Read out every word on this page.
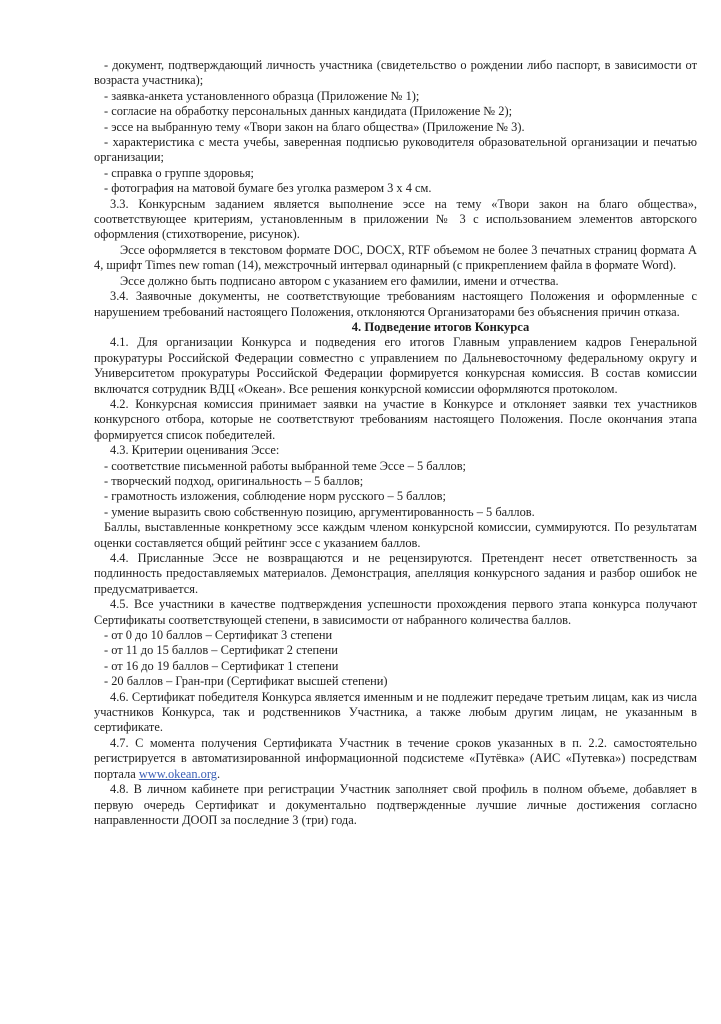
- документ, подтверждающий личность участника (свидетельство о рождении либо паспорт, в зависимости от возраста участника);

- заявка-анкета установленного образца (Приложение № 1);

- согласие на обработку персональных данных кандидата (Приложение № 2);

- эссе на выбранную тему «Твори закон на благо общества» (Приложение № 3).

- характеристика с места учебы, заверенная подписью руководителя образовательной организации и печатью организации;

- справка о группе здоровья;

- фотография на матовой бумаге без уголка размером 3 х 4 см.

3.3. Конкурсным заданием является выполнение эссе на тему «Твори закон на благо общества», соответствующее критериям, установленным в приложении № 3 с использованием элементов авторского оформления (стихотворение, рисунок).

Эссе оформляется в текстовом формате DOC, DOCX, RTF объемом не более 3 печатных страниц формата А 4, шрифт Times new roman (14), межстрочный интервал одинарный (с прикреплением файла в формате Word).

Эссе должно быть подписано автором с указанием его фамилии, имени и отчества.

3.4. Заявочные документы, не соответствующие требованиям настоящего Положения и оформленные с нарушением требований настоящего Положения, отклоняются Организаторами без объяснения причин отказа.

4. Подведение итогов Конкурса

4.1. Для организации Конкурса и подведения его итогов Главным управлением кадров Генеральной прокуратуры Российской Федерации совместно с управлением по Дальневосточному федеральному округу и Университетом прокуратуры Российской Федерации формируется конкурсная комиссия. В состав комиссии включатся сотрудник ВДЦ «Океан». Все решения конкурсной комиссии оформляются протоколом.

4.2. Конкурсная комиссия принимает заявки на участие в Конкурсе и отклоняет заявки тех участников конкурсного отбора, которые не соответствуют требованиям настоящего Положения. После окончания этапа формируется список победителей.

4.3. Критерии оценивания Эссе:

- соответствие письменной работы выбранной теме Эссе – 5 баллов;

- творческий подход, оригинальность – 5 баллов;

- грамотность изложения, соблюдение норм русского – 5 баллов;

- умение выразить свою собственную позицию, аргументированность – 5 баллов.

Баллы, выставленные конкретному эссе каждым членом конкурсной комиссии, суммируются. По результатам оценки составляется общий рейтинг эссе с указанием баллов.

4.4. Присланные Эссе не возвращаются и не рецензируются. Претендент несет ответственность за подлинность предоставляемых материалов. Демонстрация, апелляция конкурсного задания и разбор ошибок не предусматривается.

4.5. Все участники в качестве подтверждения успешности прохождения первого этапа конкурса получают Сертификаты соответствующей степени, в зависимости от набранного количества баллов.

- от 0 до 10 баллов – Сертификат 3 степени

- от 11 до 15 баллов – Сертификат 2 степени

- от 16 до 19 баллов – Сертификат 1 степени

- 20 баллов – Гран-при (Сертификат высшей степени)

4.6. Сертификат победителя Конкурса является именным и не подлежит передаче третьим лицам, как из числа участников Конкурса, так и родственников Участника, а также любым другим лицам, не указанным в сертификате.

4.7. С момента получения Сертификата Участник в течение сроков указанных в п. 2.2. самостоятельно регистрируется в автоматизированной информационной подсистеме «Путёвка» (АИС «Путевка») посредствам портала www.okean.org.

4.8. В личном кабинете при регистрации Участник заполняет свой профиль в полном объеме, добавляет в первую очередь Сертификат и документально подтвержденные лучшие личные достижения согласно направленности ДООП за последние 3 (три) года.
